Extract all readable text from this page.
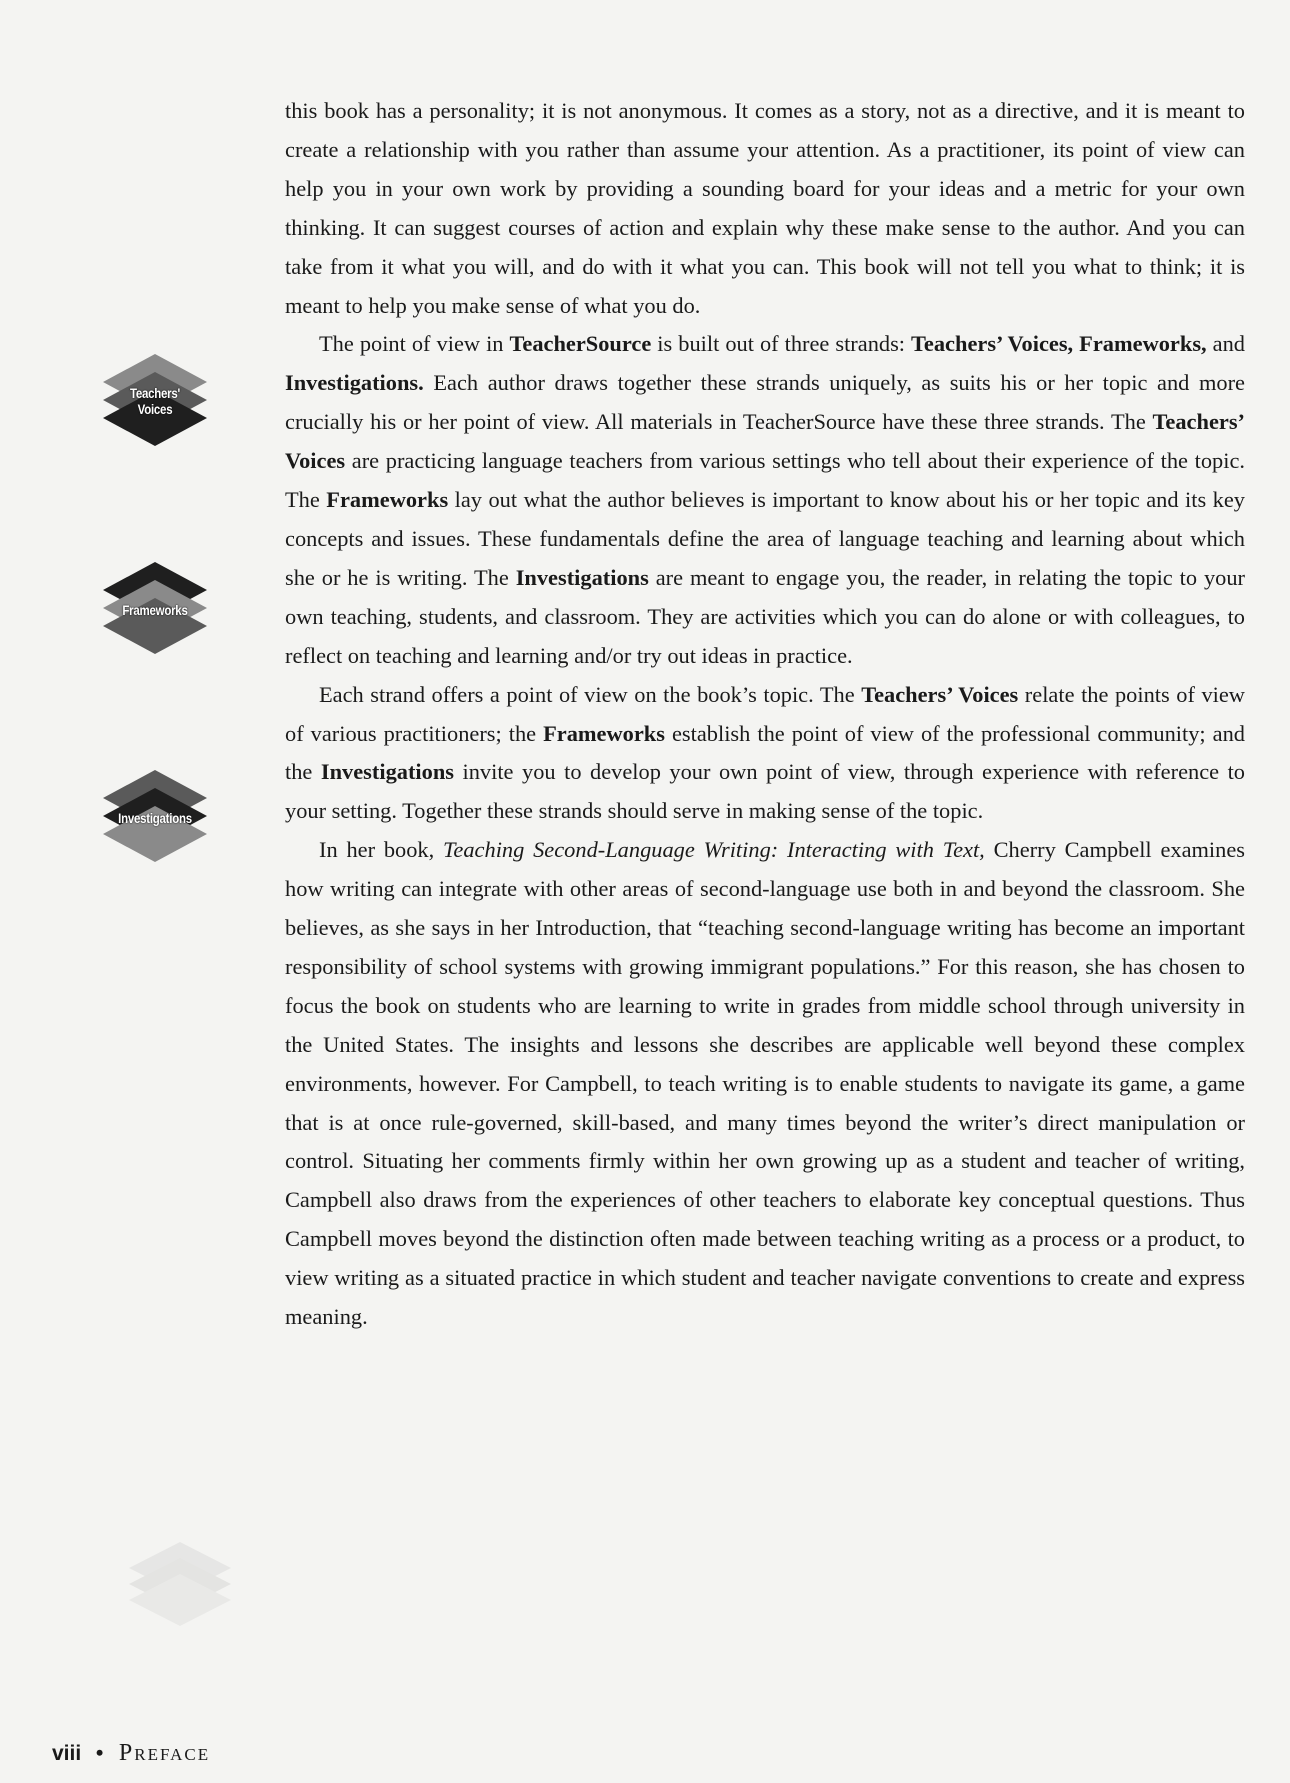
Teachers'
Voices
Frameworks
Investigations

this book has a personality; it is not anonymous. It comes as a story, not as a directive, and it is meant to create a relationship with you rather than assume your attention. As a practitioner, its point of view can help you in your own work by providing a sounding board for your ideas and a metric for your own thinking. It can suggest courses of action and explain why these make sense to the author. And you can take from it what you will, and do with it what you can. This book will not tell you what to think; it is meant to help you make sense of what you do.

The point of view in TeacherSource is built out of three strands: Teachers’ Voices, Frameworks, and Investigations. Each author draws together these strands uniquely, as suits his or her topic and more crucially his or her point of view. All materials in TeacherSource have these three strands. The Teachers’ Voices are practicing language teachers from various settings who tell about their experience of the topic. The Frameworks lay out what the author believes is important to know about his or her topic and its key concepts and issues. These fundamentals define the area of language teaching and learning about which she or he is writing. The Investigations are meant to engage you, the reader, in relating the topic to your own teaching, students, and classroom. They are activities which you can do alone or with colleagues, to reflect on teaching and learning and/or try out ideas in practice.

Each strand offers a point of view on the book’s topic. The Teachers’ Voices relate the points of view of various practitioners; the Frameworks establish the point of view of the professional community; and the Investigations invite you to develop your own point of view, through experience with reference to your setting. Together these strands should serve in making sense of the topic.

In her book, Teaching Second-Language Writing: Interacting with Text, Cherry Campbell examines how writing can integrate with other areas of second-language use both in and beyond the classroom. She believes, as she says in her Introduction, that “teaching second-language writing has become an important responsibility of school systems with growing immigrant populations.” For this reason, she has chosen to focus the book on students who are learning to write in grades from middle school through university in the United States. The insights and lessons she describes are applicable well beyond these complex environments, however. For Campbell, to teach writing is to enable students to navigate its game, a game that is at once rule-governed, skill-based, and many times beyond the writer’s direct manipulation or control. Situating her comments firmly within her own growing up as a student and teacher of writing, Campbell also draws from the experiences of other teachers to elaborate key conceptual questions. Thus Campbell moves beyond the distinction often made between teaching writing as a process or a product, to view writing as a situated practice in which student and teacher navigate conventions to create and express meaning.

viii • Preface
